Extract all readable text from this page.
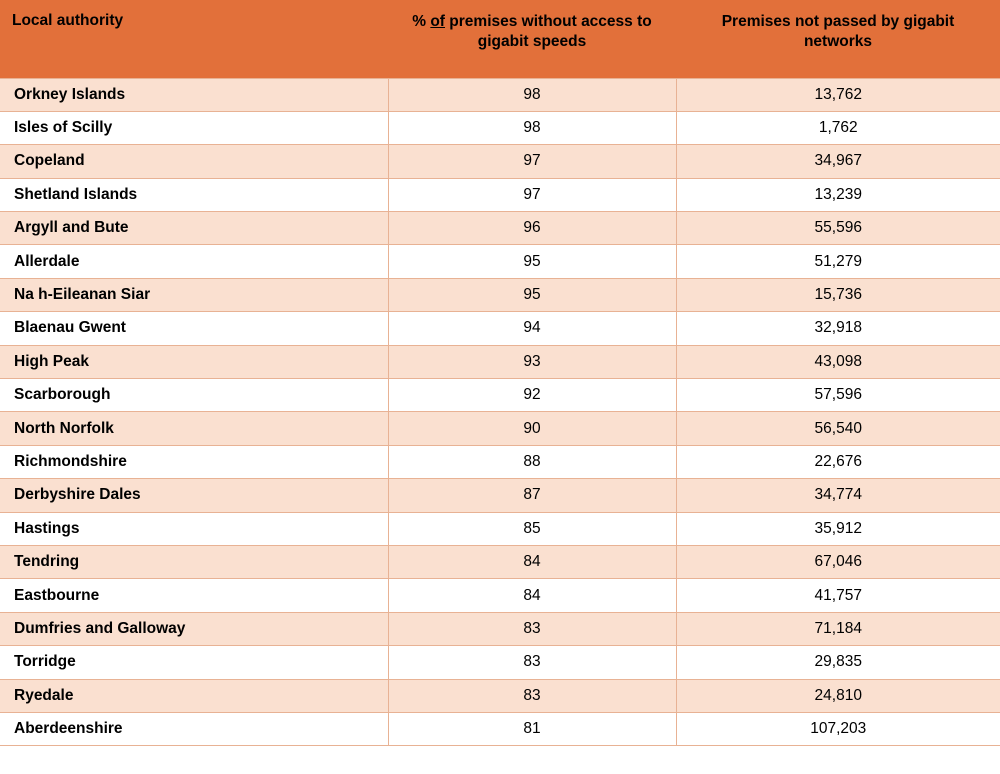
Local authority	% of premises without access to gigabit speeds	Premises not passed by gigabit networks
Orkney Islands	98	13,762
Isles of Scilly	98	1,762
Copeland	97	34,967
Shetland Islands	97	13,239
Argyll and Bute	96	55,596
Allerdale	95	51,279
Na h-Eileanan Siar	95	15,736
Blaenau Gwent	94	32,918
High Peak	93	43,098
Scarborough	92	57,596
North Norfolk	90	56,540
Richmondshire	88	22,676
Derbyshire Dales	87	34,774
Hastings	85	35,912
Tendring	84	67,046
Eastbourne	84	41,757
Dumfries and Galloway	83	71,184
Torridge	83	29,835
Ryedale	83	24,810
Aberdeenshire	81	107,203
